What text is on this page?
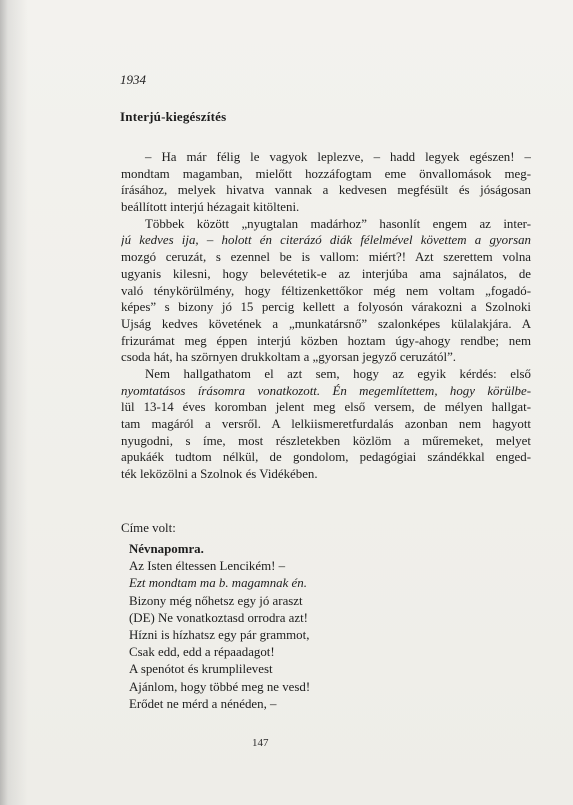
1934
Interjú-kiegészítés
– Ha már félig le vagyok leplezve, – hadd legyek egészen! –
mondtam magamban, mielőtt hozzáfogtam eme önvallomások meg-
írásához, melyek hivatva vannak a kedvesen megfésült és jóságosan
beállított interjú hézagait kitölteni.
Többek között „nyugtalan madárhoz” hasonlít engem az inter-
jú kedves ija, – holott én citerázó diák félelmével követtem a gyorsan
mozgó ceruzát, s ezennel be is vallom: miért?! Azt szerettem volna
ugyanis kilesni, hogy belevétetik-e az interjúba ama sajnálatos, de
való ténykörülmény, hogy féltizenkettőkor még nem voltam „fogadó-
képes” s bizony jó 15 percig kellett a folyosón várakozni a Szolnoki
Ujság kedves követének a „munkatársnő” szalonképes külalakjára. A
frizurámat meg éppen interjú közben hoztam úgy-ahogy rendbe; nem
csoda hát, ha szörnyen drukkoltam a „gyorsan jegyző ceruzától”.
Nem hallgathatom el azt sem, hogy az egyik kérdés: első
nyomtatásos írásomra vonatkozott. Én megemlítettem, hogy körülbe-
lül 13-14 éves koromban jelent meg első versem, de mélyen hallgat-
tam magáról a versről. A lelkiismeretfurdalás azonban nem hagyott
nyugodni, s íme, most részletekben közlöm a műremeket, melyet
apukáék tudtom nélkül, de gondolom, pedagógiai szándékkal enged-
ték leközölni a Szolnok és Vidékében.
Címe volt:
Névnapomra.
Az Isten éltessen Lencikém! –
Ezt mondtam ma b. magamnak én.
Bizony még nőhetsz egy jó araszt
(DE) Ne vonatkoztasd orrodra azt!
Hízni is hízhatsz egy pár grammot,
Csak edd, edd a répaadagot!
A spenótot és krumplilevest
Ajánlom, hogy többé meg ne vesd!
Erődet ne mérd a nénéden, –
147
